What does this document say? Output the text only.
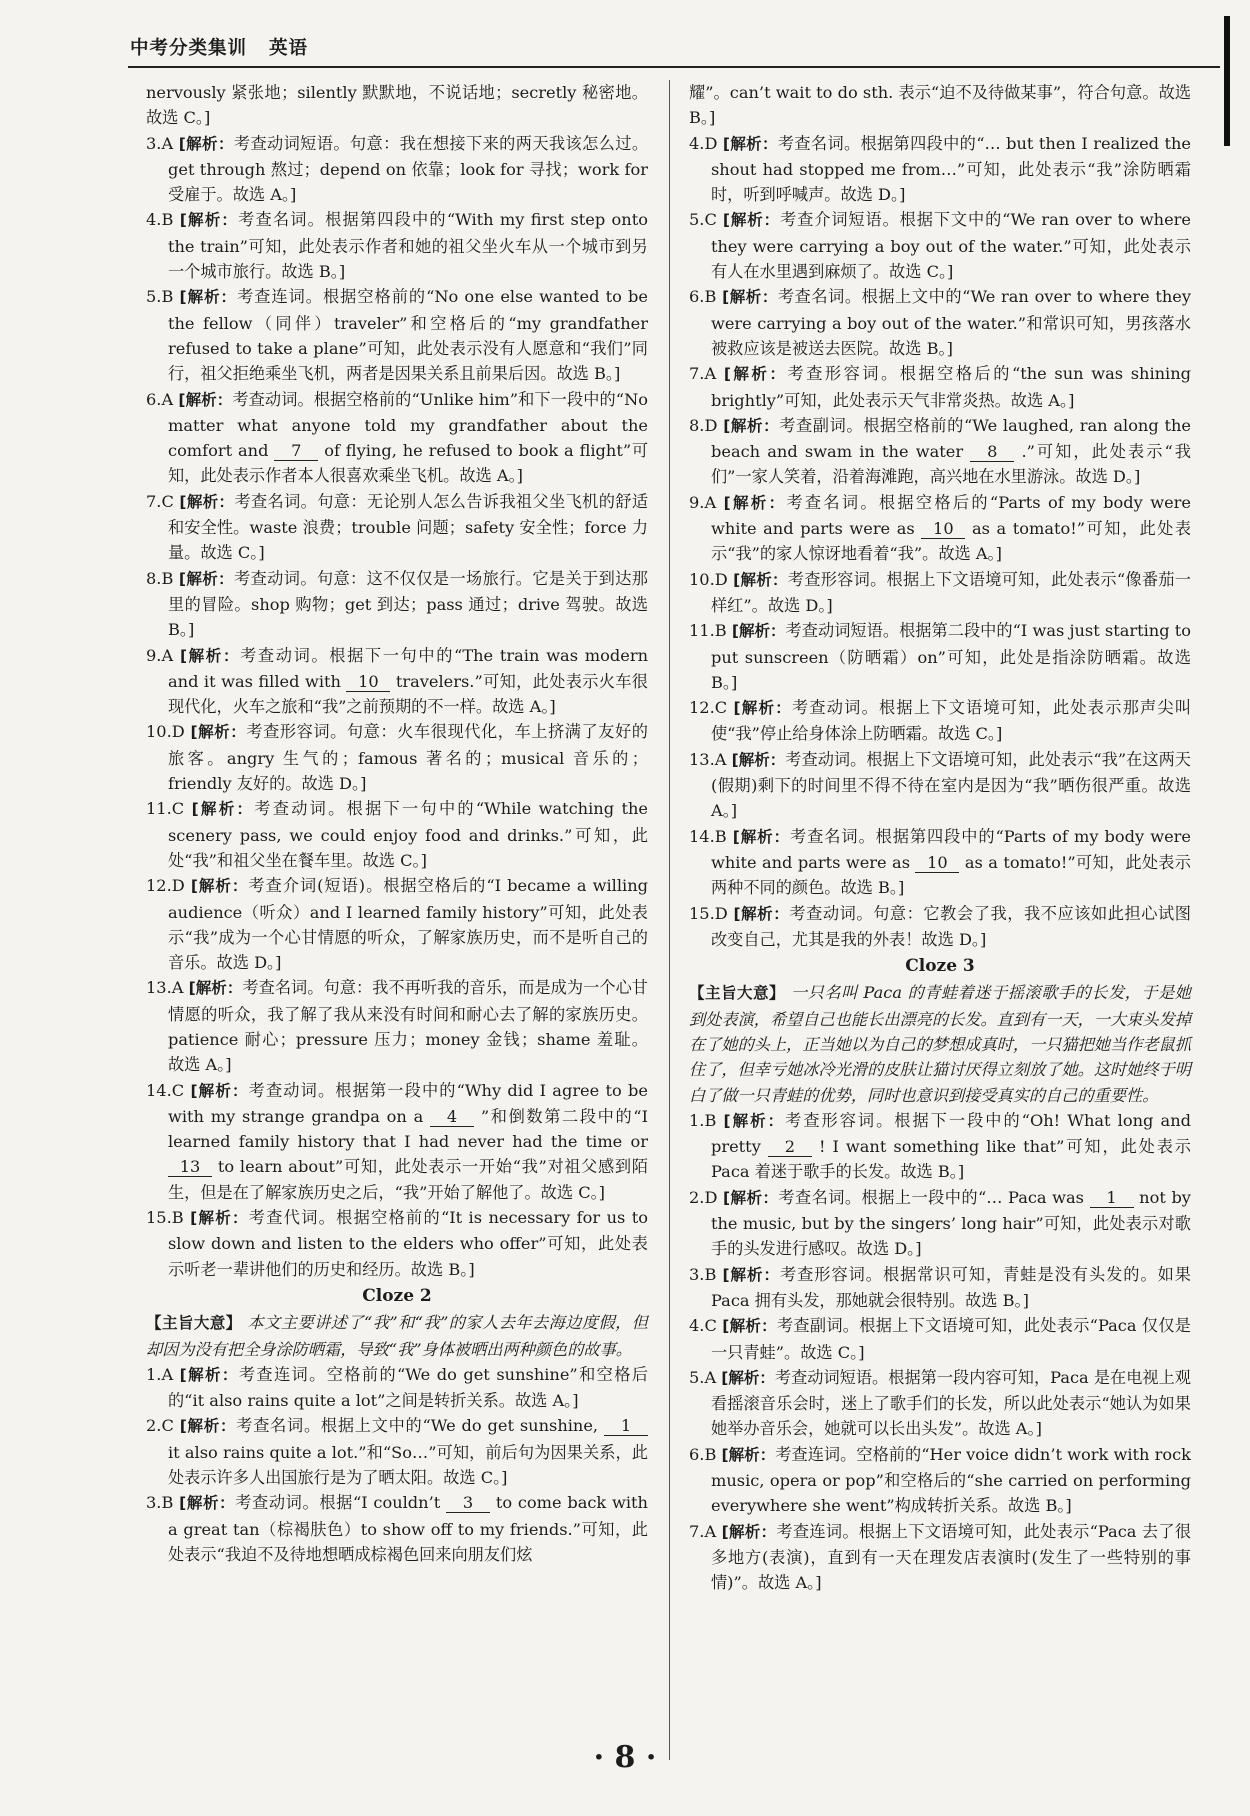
中考分类集训 英语
nervously 紧张地；silently 默默地，不说话地；secretly 秘密地。故选 C。]
3.A [解析：考查动词短语。句意：我在想接下来的两天我该怎么过。get through 熬过；depend on 依靠；look for 寻找；work for 受雇于。故选 A。]
4.B [解析：考查名词。根据第四段中的“With my first step onto the train”可知，此处表示作者和她的祖父坐火车从一个城市到另一个城市旅行。故选 B。]
5.B [解析：考查连词。根据空格前的“No one else wanted to be the fellow（同伴）traveler”和空格后的“my grandfather refused to take a plane”可知，此处表示没有人愿意和“我们”同行，祖父拒绝乘坐飞机，两者是因果关系且前果后因。故选 B。]
6.A [解析：考查动词。根据空格前的“Unlike him”和下一段中的“No matter what anyone told my grandfather about the comfort and 7 of flying, he refused to book a flight”可知，此处表示作者本人很喜欢乘坐飞机。故选 A。]
7.C [解析：考查名词。句意：无论别人怎么告诉我祖父坐飞机的舒适和安全性。waste 浪费；trouble 问题；safety 安全性；force 力量。故选 C。]
8.B [解析：考查动词。句意：这不仅仅是一场旅行。它是关于到达那里的冒险。shop 购物；get 到达；pass 通过；drive 驾驶。故选 B。]
9.A [解析：考查动词。根据下一句中的“The train was modern and it was filled with 10 travelers.”可知，此处表示火车很现代化，火车之旅和“我”之前预期的不一样。故选 A。]
10.D [解析：考查形容词。句意：火车很现代化，车上挤满了友好的旅客。angry 生气的；famous 著名的；musical 音乐的；friendly 友好的。故选 D。]
11.C [解析：考查动词。根据下一句中的“While watching the scenery pass, we could enjoy food and drinks.”可知，此处“我”和祖父坐在餐车里。故选 C。]
12.D [解析：考查介词(短语)。根据空格后的“I became a willing audience（听众）and I learned family history”可知，此处表示“我”成为一个心甘情愿的听众，了解家族历史，而不是听自己的音乐。故选 D。]
13.A [解析：考查名词。句意：我不再听我的音乐，而是成为一个心甘情愿的听众，我了解了我从来没有时间和耐心去了解的家族历史。patience 耐心；pressure 压力；money 金钱；shame 羞耻。故选 A。]
14.C [解析：考查动词。根据第一段中的“Why did I agree to be with my strange grandpa on a 4 ”和倒数第二段中的“I learned family history that I had never had the time or 13 to learn about”可知，此处表示一开始“我”对祖父感到陌生，但是在了解家族历史之后，“我”开始了解他了。故选 C。]
15.B [解析：考查代词。根据空格前的“It is necessary for us to slow down and listen to the elders who offer”可知，此处表示听老一辈讲他们的历史和经历。故选 B。]
Cloze 2
【主旨大意】 本文主要讲述了“我”和“我”的家人去年去海边度假，但却因为没有把全身涂防晒霜，导致“我”身体被晒出两种颜色的故事。
1.A [解析：考查连词。空格前的“We do get sunshine”和空格后的“it also rains quite a lot”之间是转折关系。故选 A。]
2.C [解析：考查名词。根据上文中的“We do get sunshine, 1 it also rains quite a lot.”和“So…”可知，前后句为因果关系，此处表示许多人出国旅行是为了晒太阳。故选 C。]
3.B [解析：考查动词。根据“I couldn’t 3 to come back with a great tan（棕褐肤色）to show off to my friends.”可知，此处表示“我迫不及待地想晒成棕褐色回来向朋友们炫
耀”。can’t wait to do sth. 表示“迫不及待做某事”，符合句意。故选 B。]
4.D [解析：考查名词。根据第四段中的“… but then I realized the shout had stopped me from…”可知，此处表示“我”涂防晒霜时，听到呼喊声。故选 D。]
5.C [解析：考查介词短语。根据下文中的“We ran over to where they were carrying a boy out of the water.”可知，此处表示有人在水里遇到麻烦了。故选 C。]
6.B [解析：考查名词。根据上文中的“We ran over to where they were carrying a boy out of the water.”和常识可知，男孩落水被救应该是被送去医院。故选 B。]
7.A [解析：考查形容词。根据空格后的“the sun was shining brightly”可知，此处表示天气非常炎热。故选 A。]
8.D [解析：考查副词。根据空格前的“We laughed, ran along the beach and swam in the water 8 .”可知，此处表示“我们”一家人笑着，沿着海滩跑，高兴地在水里游泳。故选 D。]
9.A [解析：考查名词。根据空格后的“Parts of my body were white and parts were as 10 as a tomato!”可知，此处表示“我”的家人惊讶地看着“我”。故选 A。]
10.D [解析：考查形容词。根据上下文语境可知，此处表示“像番茄一样红”。故选 D。]
11.B [解析：考查动词短语。根据第二段中的“I was just starting to put sunscreen（防晒霜）on”可知，此处是指涂防晒霜。故选 B。]
12.C [解析：考查动词。根据上下文语境可知，此处表示那声尖叫使“我”停止给身体涂上防晒霜。故选 C。]
13.A [解析：考查动词。根据上下文语境可知，此处表示“我”在这两天(假期)剩下的时间里不得不待在室内是因为“我”晒伤很严重。故选 A。]
14.B [解析：考查名词。根据第四段中的“Parts of my body were white and parts were as 10 as a tomato!”可知，此处表示两种不同的颜色。故选 B。]
15.D [解析：考查动词。句意：它教会了我，我不应该如此担心试图改变自己，尤其是我的外表！故选 D。]
Cloze 3
【主旨大意】 一只名叫 Paca 的青蛙着迷于摇滚歌手的长发，于是她到处表演，希望自己也能长出漂亮的长发。直到有一天，一大束头发掉在了她的头上，正当她以为自己的梦想成真时，一只猫把她当作老鼠抓住了，但幸亏她冰冷光滑的皮肤让猫讨厌得立刻放了她。这时她终于明白了做一只青蛙的优势，同时也意识到接受真实的自己的重要性。
1.B [解析：考查形容词。根据下一段中的“Oh! What long and pretty 2 ! I want something like that”可知，此处表示 Paca 着迷于歌手的长发。故选 B。]
2.D [解析：考查名词。根据上一段中的“… Paca was 1 not by the music, but by the singers’ long hair”可知，此处表示对歌手的头发进行感叹。故选 D。]
3.B [解析：考查形容词。根据常识可知，青蛙是没有头发的。如果 Paca 拥有头发，那她就会很特别。故选 B。]
4.C [解析：考查副词。根据上下文语境可知，此处表示“Paca 仅仅是一只青蛙”。故选 C。]
5.A [解析：考查动词短语。根据第一段内容可知，Paca 是在电视上观看摇滚音乐会时，迷上了歌手们的长发，所以此处表示“她认为如果她举办音乐会，她就可以长出头发”。故选 A。]
6.B [解析：考查连词。空格前的“Her voice didn’t work with rock music, opera or pop”和空格后的“she carried on performing everywhere she went”构成转折关系。故选 B。]
7.A [解析：考查连词。根据上下文语境可知，此处表示“Paca 去了很多地方(表演)，直到有一天在理发店表演时(发生了一些特别的事情)”。故选 A。]
· 8 ·
